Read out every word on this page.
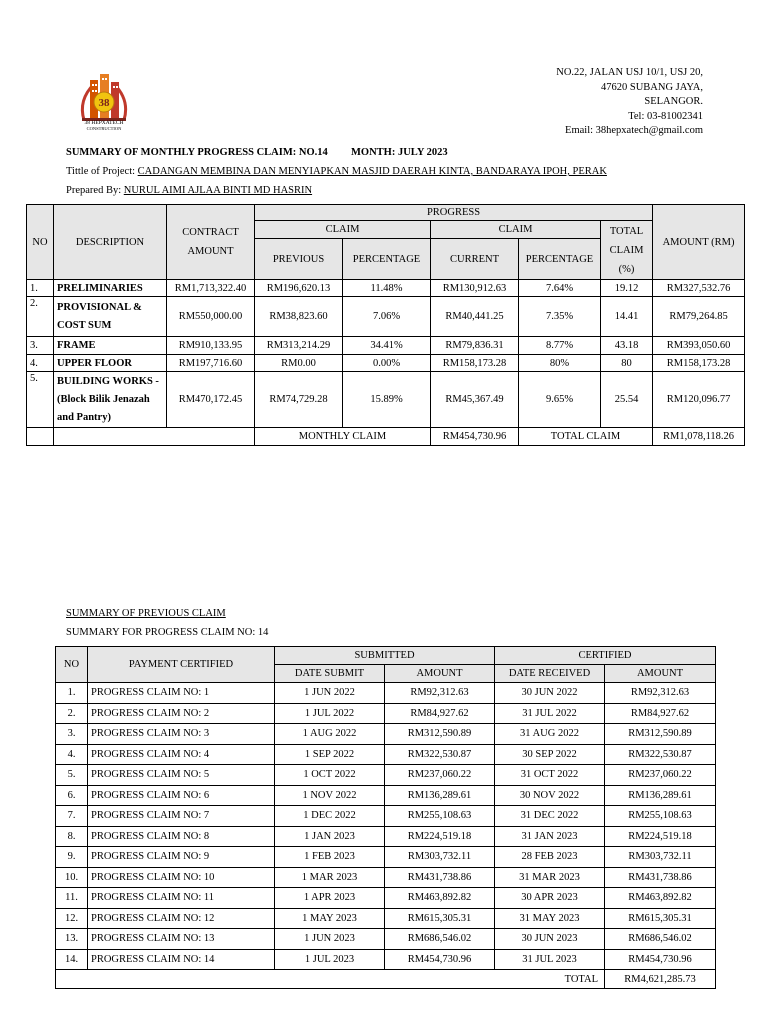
38
38 HEPXATECH
CONSTRUCTION
NO.22, JALAN USJ 10/1, USJ 20,
47620 SUBANG JAYA,
SELANGOR.
Tel: 03-81002341
Email: 38hepxatech@gmail.com
SUMMARY OF MONTHLY PROGRESS CLAIM: NO.14 MONTH: JULY 2023
Tittle of Project: CADANGAN MEMBINA DAN MENYIAPKAN MASJID DAERAH KINTA, BANDARAYA IPOH, PERAK
Prepared By: NURUL AIMI AJLAA BINTI MD HASRIN
NO	DESCRIPTION	CONTRACT AMOUNT	PROGRESS					AMOUNT (RM)
			CLAIM		CLAIM		TOTAL CLAIM (%)	
			PREVIOUS	PERCENTAGE	CURRENT	PERCENTAGE		
1.	PRELIMINARIES	RM1,713,322.40	RM196,620.13	11.48%	RM130,912.63	7.64%	19.12	RM327,532.76
2.	PROVISIONAL & COST SUM	RM550,000.00	RM38,823.60	7.06%	RM40,441.25	7.35%	14.41	RM79,264.85
3.	FRAME	RM910,133.95	RM313,214.29	34.41%	RM79,836.31	8.77%	43.18	RM393,050.60
4.	UPPER FLOOR	RM197,716.60	RM0.00	0.00%	RM158,173.28	80%	80	RM158,173.28
5.	BUILDING WORKS - (Block Bilik Jenazah and Pantry)	RM470,172.45	RM74,729.28	15.89%	RM45,367.49	9.65%	25.54	RM120,096.77
			MONTHLY CLAIM		RM454,730.96	TOTAL CLAIM		RM1,078,118.26
SUMMARY OF PREVIOUS CLAIM
SUMMARY FOR PROGRESS CLAIM NO: 14
NO	PAYMENT CERTIFIED	SUBMITTED		CERTIFIED	
		DATE SUBMIT	AMOUNT	DATE RECEIVED	AMOUNT
1.	PROGRESS CLAIM NO: 1	1 JUN 2022	RM92,312.63	30 JUN 2022	RM92,312.63
2.	PROGRESS CLAIM NO: 2	1 JUL 2022	RM84,927.62	31 JUL 2022	RM84,927.62
3.	PROGRESS CLAIM NO: 3	1 AUG 2022	RM312,590.89	31 AUG 2022	RM312,590.89
4.	PROGRESS CLAIM NO: 4	1 SEP 2022	RM322,530.87	30 SEP 2022	RM322,530.87
5.	PROGRESS CLAIM NO: 5	1 OCT 2022	RM237,060.22	31 OCT 2022	RM237,060.22
6.	PROGRESS CLAIM NO: 6	1 NOV 2022	RM136,289.61	30 NOV 2022	RM136,289.61
7.	PROGRESS CLAIM NO: 7	1 DEC 2022	RM255,108.63	31 DEC 2022	RM255,108.63
8.	PROGRESS CLAIM NO: 8	1 JAN 2023	RM224,519.18	31 JAN 2023	RM224,519.18
9.	PROGRESS CLAIM NO: 9	1 FEB 2023	RM303,732.11	28 FEB 2023	RM303,732.11
10.	PROGRESS CLAIM NO: 10	1 MAR 2023	RM431,738.86	31 MAR 2023	RM431,738.86
11.	PROGRESS CLAIM NO: 11	1 APR 2023	RM463,892.82	30 APR 2023	RM463,892.82
12.	PROGRESS CLAIM NO: 12	1 MAY 2023	RM615,305.31	31 MAY 2023	RM615,305.31
13.	PROGRESS CLAIM NO: 13	1 JUN 2023	RM686,546.02	30 JUN 2023	RM686,546.02
14.	PROGRESS CLAIM NO: 14	1 JUL 2023	RM454,730.96	31 JUL 2023	RM454,730.96
TOTAL					RM4,621,285.73
